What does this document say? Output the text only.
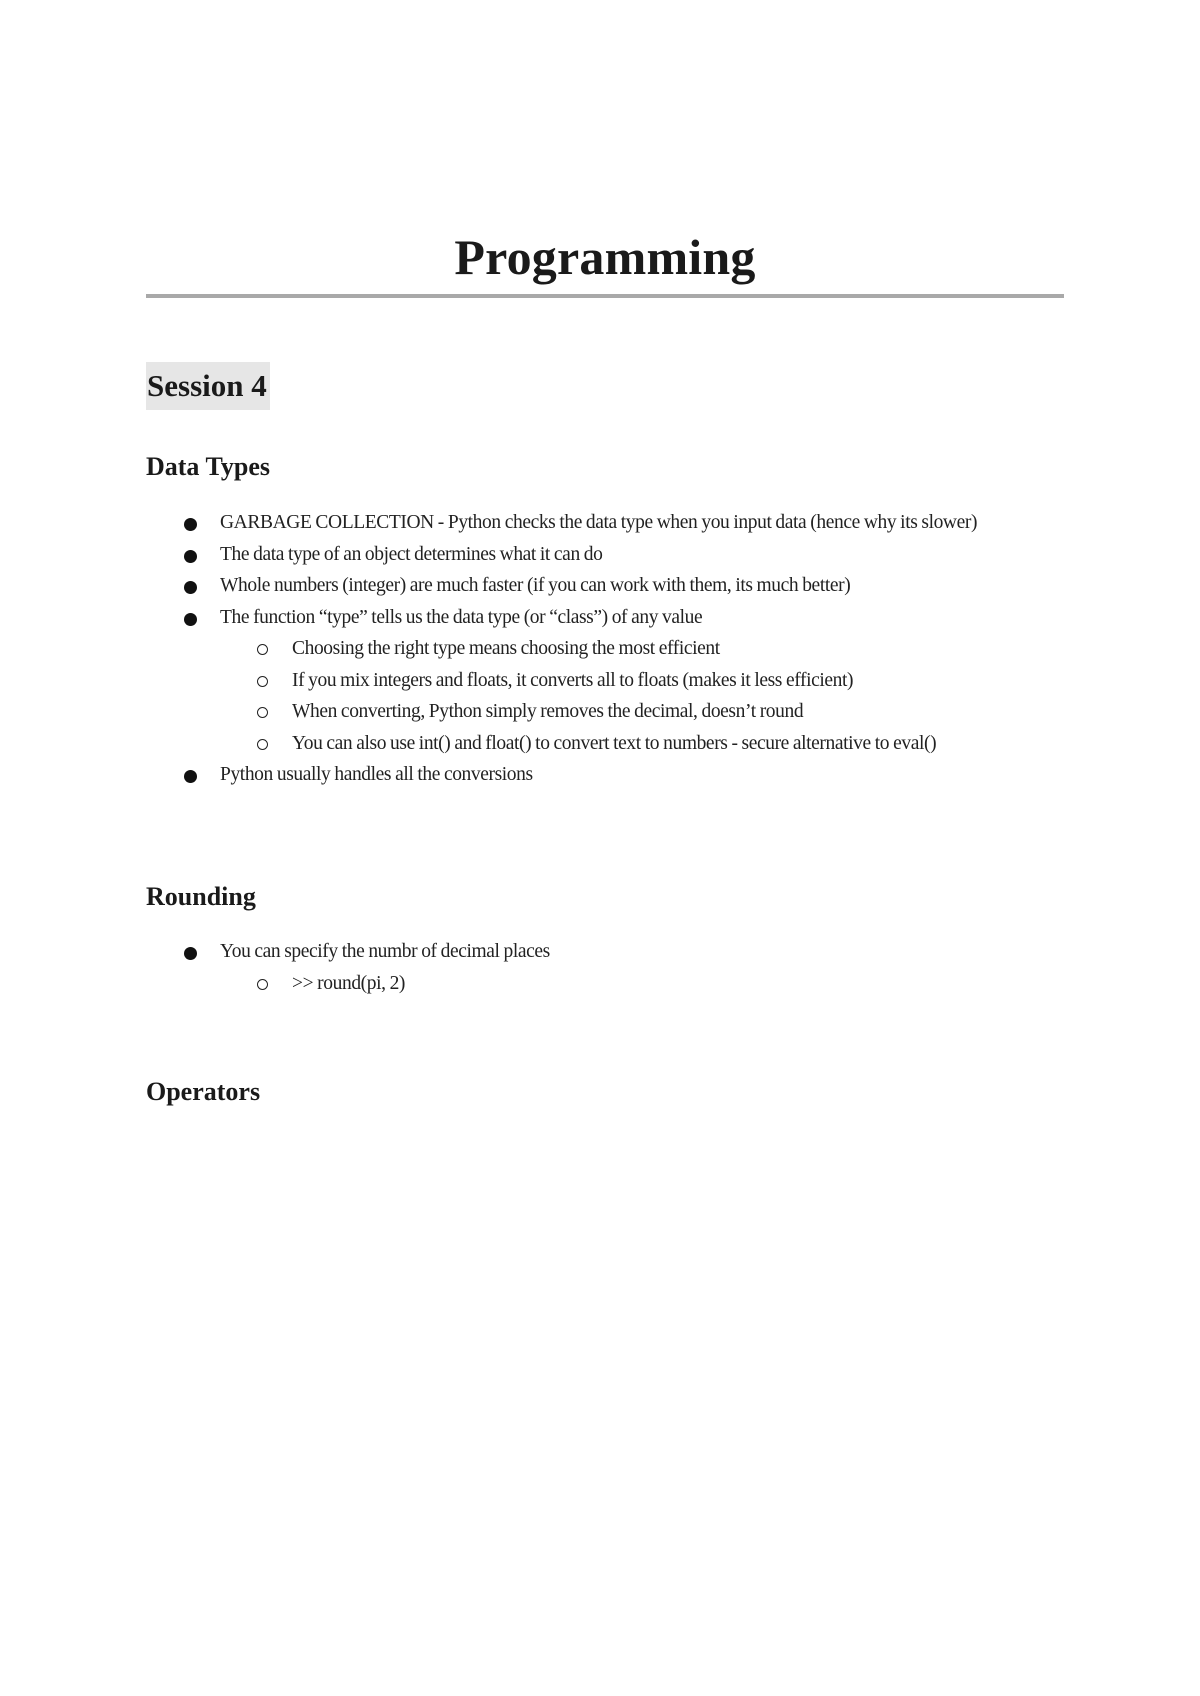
Programming
Session 4
Data Types
GARBAGE COLLECTION - Python checks the data type when you input data (hence why its slower)
The data type of an object determines what it can do
Whole numbers (integer) are much faster (if you can work with them, its much better)
The function “type” tells us the data type (or “class”) of any value
Choosing the right type means choosing the most efficient
If you mix integers and floats, it converts all to floats (makes it less efficient)
When converting, Python simply removes the decimal, doesn’t round
You can also use int() and float() to convert text to numbers - secure alternative to eval()
Python usually handles all the conversions
Rounding
You can specify the numbr of decimal places
>> round(pi, 2)
Operators
